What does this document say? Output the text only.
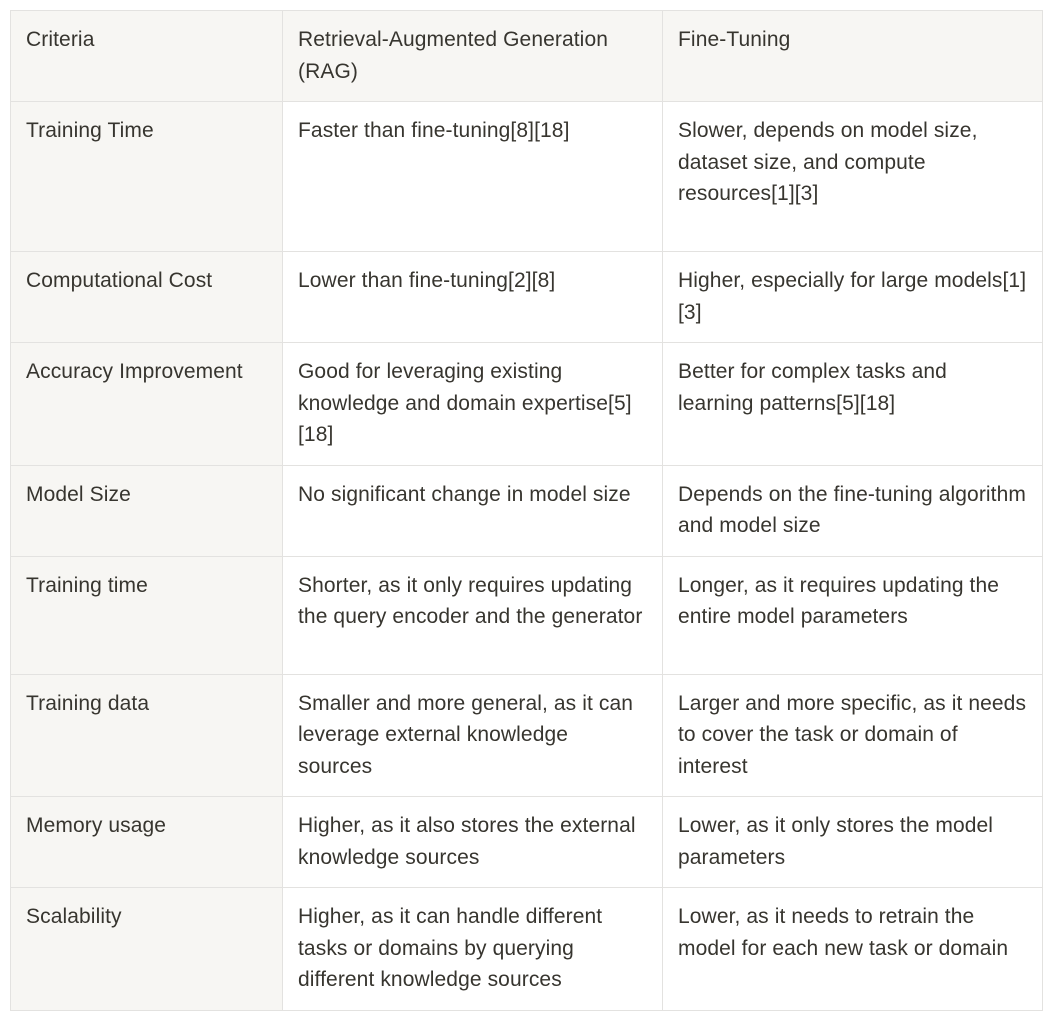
Criteria	Retrieval-Augmented Generation (RAG)	Fine-Tuning
Training Time	Faster than fine-tuning[8][18]	Slower, depends on model size, dataset size, and compute resources[1][3]
Computational Cost	Lower than fine-tuning[2][8]	Higher, especially for large models[1][3]
Accuracy Improvement	Good for leveraging existing knowledge and domain expertise[5][18]	Better for complex tasks and learning patterns[5][18]
Model Size	No significant change in model size	Depends on the fine-tuning algorithm and model size
Training time	Shorter, as it only requires updating the query encoder and the generator	Longer, as it requires updating the entire model parameters
Training data	Smaller and more general, as it can leverage external knowledge sources	Larger and more specific, as it needs to cover the task or domain of interest
Memory usage	Higher, as it also stores the external knowledge sources	Lower, as it only stores the model parameters
Scalability	Higher, as it can handle different tasks or domains by querying different knowledge sources	Lower, as it needs to retrain the model for each new task or domain
